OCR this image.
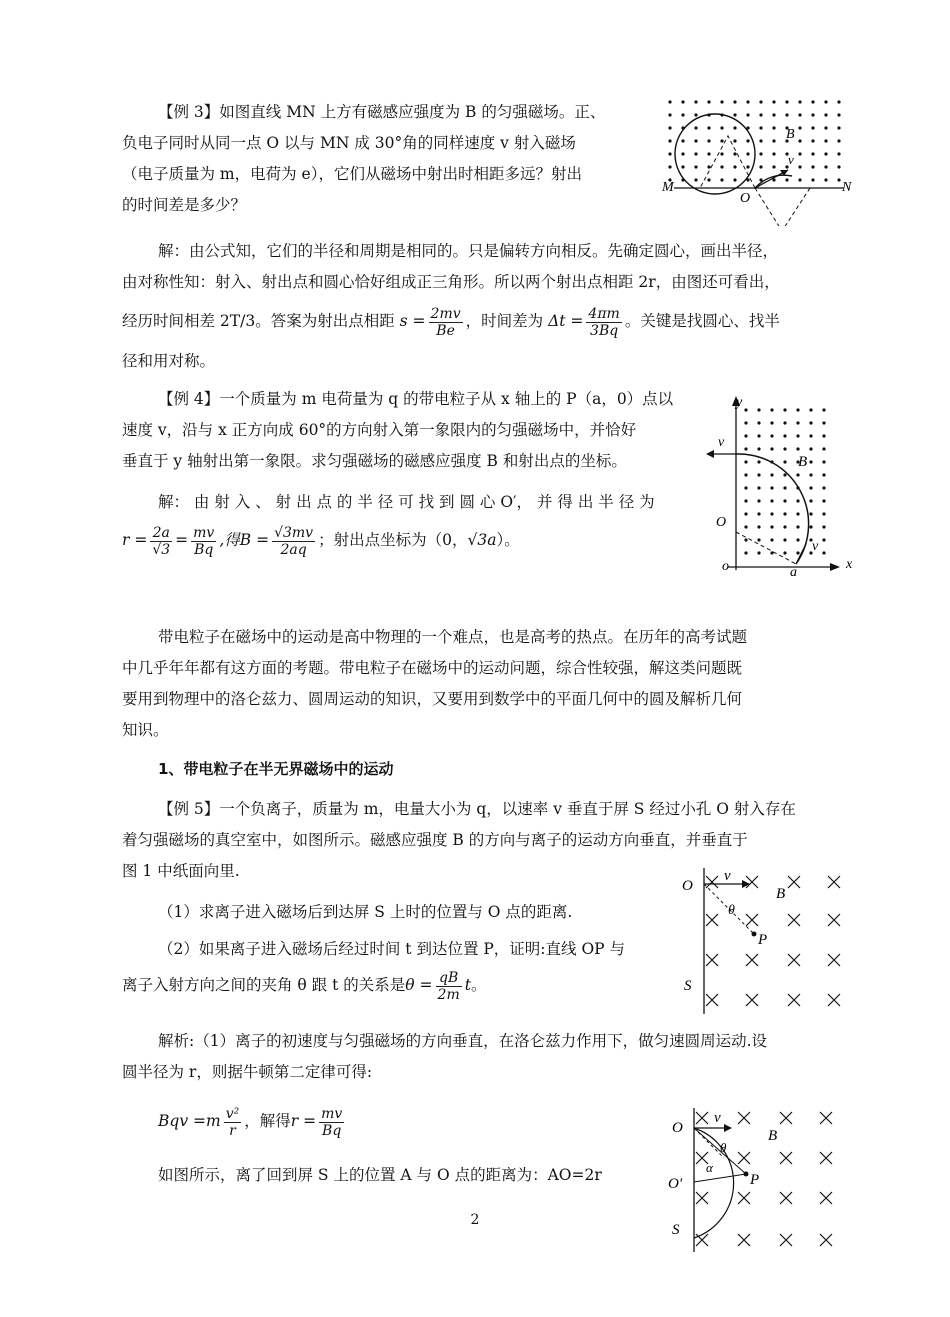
【例 3】如图直线 MN 上方有磁感应强度为 B 的匀强磁场。正、

负电子同时从同一点 O 以与 MN 成 30°角的同样速度 v 射入磁场

（电子质量为 m，电荷为 e），它们从磁场中射出时相距多远？射出

的时间差是多少？

M	N
O
B
v

解：由公式知，它们的半径和周期是相同的。只是偏转方向相反。先确定圆心，画出半径，

由对称性知：射入、射出点和圆心恰好组成正三角形。所以两个射出点相距 2r，由图还可看出，

经历时间相差 2T/3。答案为射出点相距 $s = \frac{2mv}{Be}$ ，时间差为 $\Delta t = \frac{4\pi m}{3Bq}$ 。关键是找圆心、找半

径和用对称。

【例 4】一个质量为 m 电荷量为 q 的带电粒子从 x 轴上的 P（a，0）点以

速度 v，沿与 x 正方向成 60°的方向射入第一象限内的匀强磁场中，并恰好

垂直于 y 轴射出第一象限。求匀强磁场的磁感应强度 B 和射出点的坐标。

解： 由 射 入 、 射 出 点 的 半 径 可 找 到 圆 心 O′， 并 得 出 半 径 为

$r = \frac{2a}{√3} = \frac{mv}{Bq}$ ,得$B = \frac{√3mv}{2aq}$ ；射出点坐标为（0，√3a）。

y
x
v
B
O
o	a
v

带电粒子在磁场中的运动是高中物理的一个难点，也是高考的热点。在历年的高考试题

中几乎年年都有这方面的考题。带电粒子在磁场中的运动问题，综合性较强，解这类问题既

要用到物理中的洛仑兹力、圆周运动的知识，又要用到数学中的平面几何中的圆及解析几何

知识。

1、带电粒子在半无界磁场中的运动

【例 5】一个负离子，质量为 m，电量大小为 q，以速率 v 垂直于屏 S 经过小孔 O 射入存在

着匀强磁场的真空室中，如图所示。磁感应强度 B 的方向与离子的运动方向垂直，并垂直于

图 1 中纸面向里.

（1）求离子进入磁场后到达屏 S 上时的位置与 O 点的距离.

（2）如果离子进入磁场后经过时间 t 到达位置 P，证明:直线 OP 与

离子入射方向之间的夹角 θ 跟 t 的关系是$\theta = \frac{qB}{2m}$ t。

O
v
B
θ
P
S

解析:（1）离子的初速度与匀强磁场的方向垂直，在洛仑兹力作用下，做匀速圆周运动.设

圆半径为 r，则据牛顿第二定律可得:

Bqv $=m \frac{\text{v²}}{r}$ ，解得$r = \frac{mv}{Bq}$
如图所示，离了回到屏 S 上的位置 A 与 O 点的距离为：AO=2r
O
v
B
θ
α
O′	P
S
2
